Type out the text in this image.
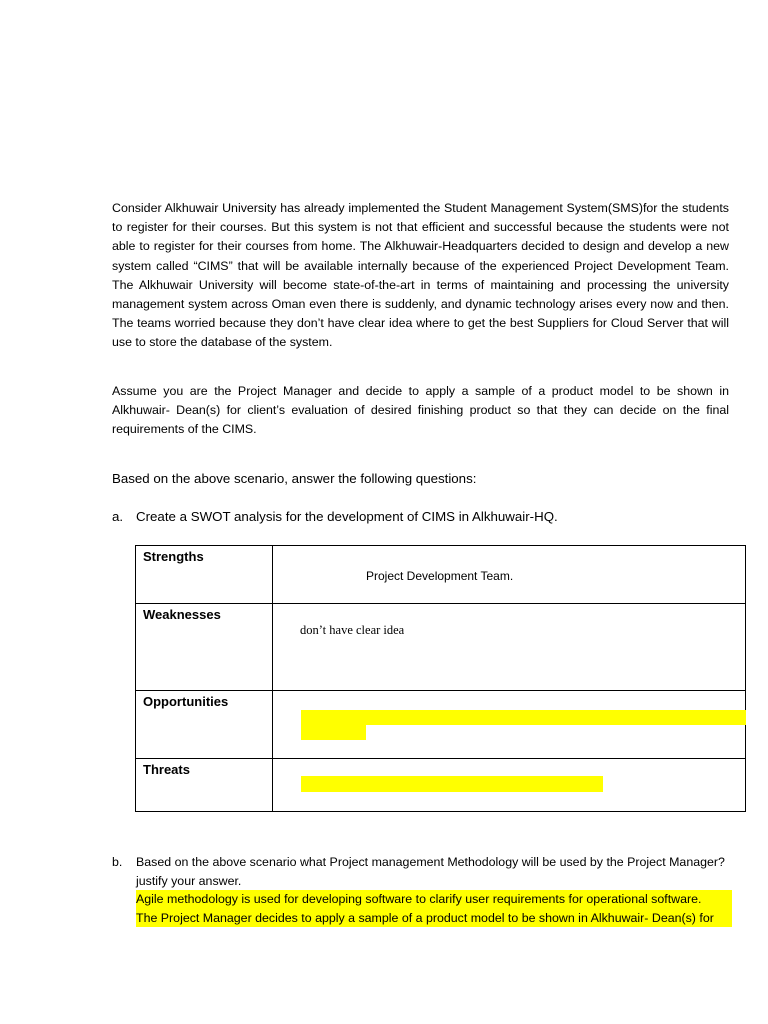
Consider Alkhuwair University has already implemented the Student Management System(SMS)for the students to register for their courses. But this system is not that efficient and successful because the students were not able to register for their courses from home. The Alkhuwair-Headquarters decided to design and develop a new system called “CIMS” that will be available internally because of the experienced Project Development Team. The Alkhuwair University will become state-of-the-art in terms of maintaining and processing the university management system across Oman even there is suddenly, and dynamic technology arises every now and then. The teams worried because they don’t have clear idea where to get the best Suppliers for Cloud Server that will use to store the database of the system.

Assume you are the Project Manager and decide to apply a sample of a product model to be shown in Alkhuwair- Dean(s) for client’s evaluation of desired finishing product so that they can decide on the final requirements of the CIMS.

Based on the above scenario, answer the following questions:

a. Create a SWOT analysis for the development of CIMS in Alkhuwair-HQ.
Strengths	Project Development Team.

Weaknesses	don’t have clear idea

Opportunities	

Threats	
b. Based on the above scenario what Project management Methodology will be used by the Project Manager? justify your answer.
Agile methodology is used for developing software to clarify user requirements for operational software.
The Project Manager decides to apply a sample of a product model to be shown in Alkhuwair- Dean(s) for
